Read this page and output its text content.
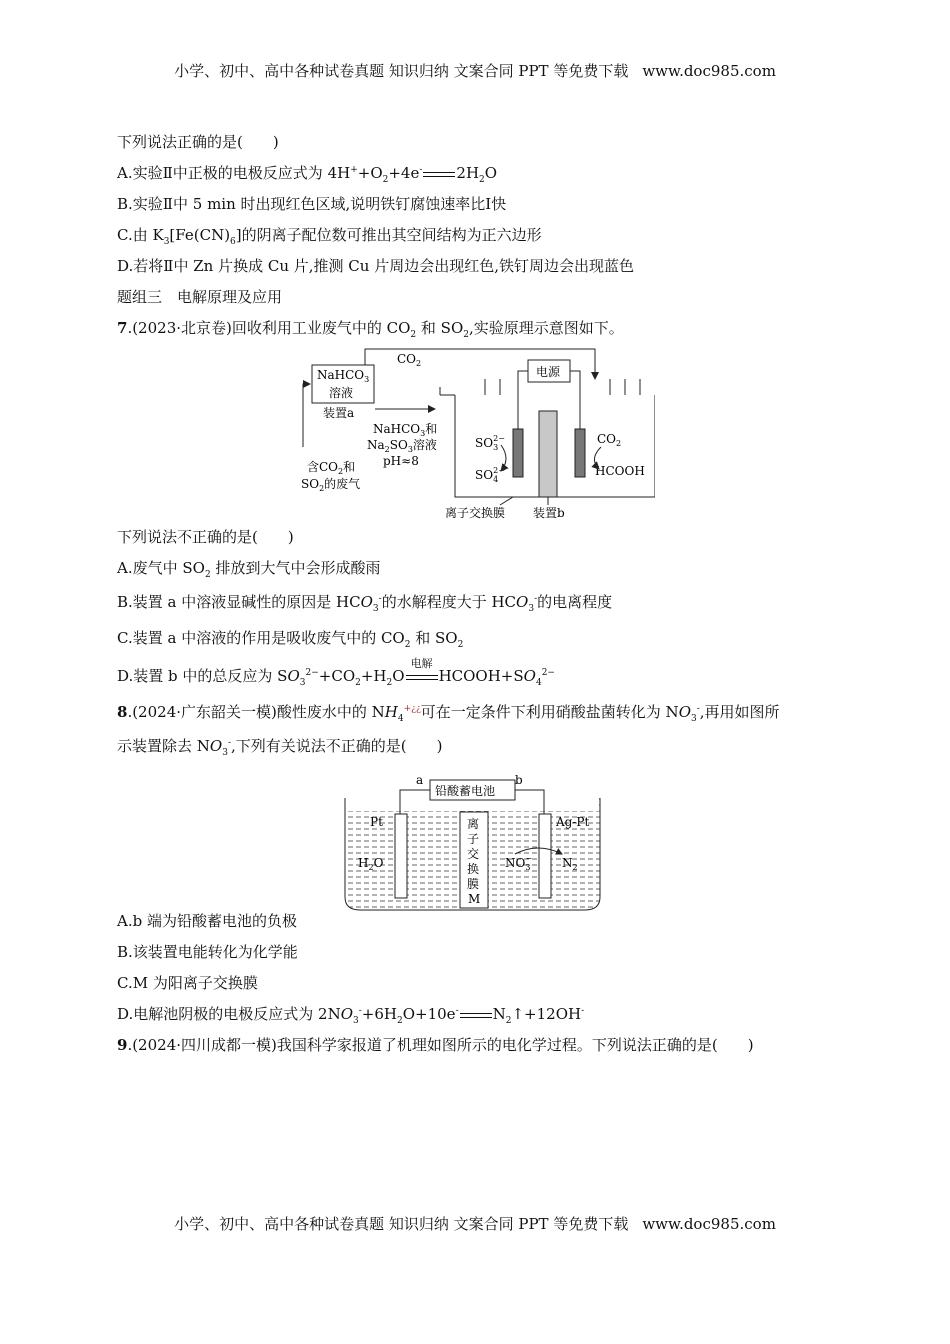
小学、初中、高中各种试卷真题 知识归纳 文案合同 PPT 等免费下载 www.doc985.com
下列说法正确的是(　　)
A.实验Ⅱ中正极的电极反应式为 $4H^++O_2+4e^-$ $2H_2O$
B.实验Ⅱ中 5 min 时出现红色区域,说明铁钉腐蚀速率比Ⅰ快
C.由 $K_3[Fe(CN)_6]$的阴离子配位数可推出其空间结构为正六边形
D.若将Ⅱ中 Zn 片换成 Cu 片,推测 Cu 片周边会出现红色,铁钉周边会出现蓝色
题组三　电解原理及应用
7.(2023·北京卷)回收利用工业废气中的 $CO_2$ 和 $SO_2$,实验原理示意图如下。
下列说法不正确的是(　　)
A.废气中 $SO_2$ 排放到大气中会形成酸雨
B.装置 a 中溶液显碱性的原因是 $HCO_3^-$的水解程度大于 $HCO_3^-$的电离程度
C.装置 a 中溶液的作用是吸收废气中的 $CO_2$ 和 $SO_2$
D.装置 b 中的总反应为 $SO_3^{2-}+CO_2+H_2O$
电解
$HCOOH+SO_4^{2-}$
8.(2024·广东韶关一模)酸性废水中的 $NH_4^{+¿¿}$可在一定条件下利用硝酸盐菌转化为 $NO_3^-$,再用如图所
示装置除去 $NO_3^-$,下列有关说法不正确的是(　　)
A.b 端为铅酸蓄电池的负极
B.该装置电能转化为化学能
C.M 为阳离子交换膜
D.电解池阴极的电极反应式为 $2NO_3^-+6H_2O+10e^-$ $N_2↑+12OH^-$
9.(2024·四川成都一模)我国科学家报道了机理如图所示的电化学过程。下列说法正确的是(　　)
NaHCO$_3$
溶液
装置a
$CO_2$
含$CO_2$和
$SO_2$的废气
NaHCO$_3$和
$Na_2SO_3$溶液
pH≈8
电源
$SO_32-$
$SO_42-$
$CO_2$
HCOOH
离子交换膜 装置b
a	b
铅酸蓄电池
Pt	Ag-Pt
离
子
交
换
膜
M
$H_2O$	$NO_3- N_2$
小学、初中、高中各种试卷真题 知识归纳 文案合同 PPT 等免费下载 www.doc985.com
